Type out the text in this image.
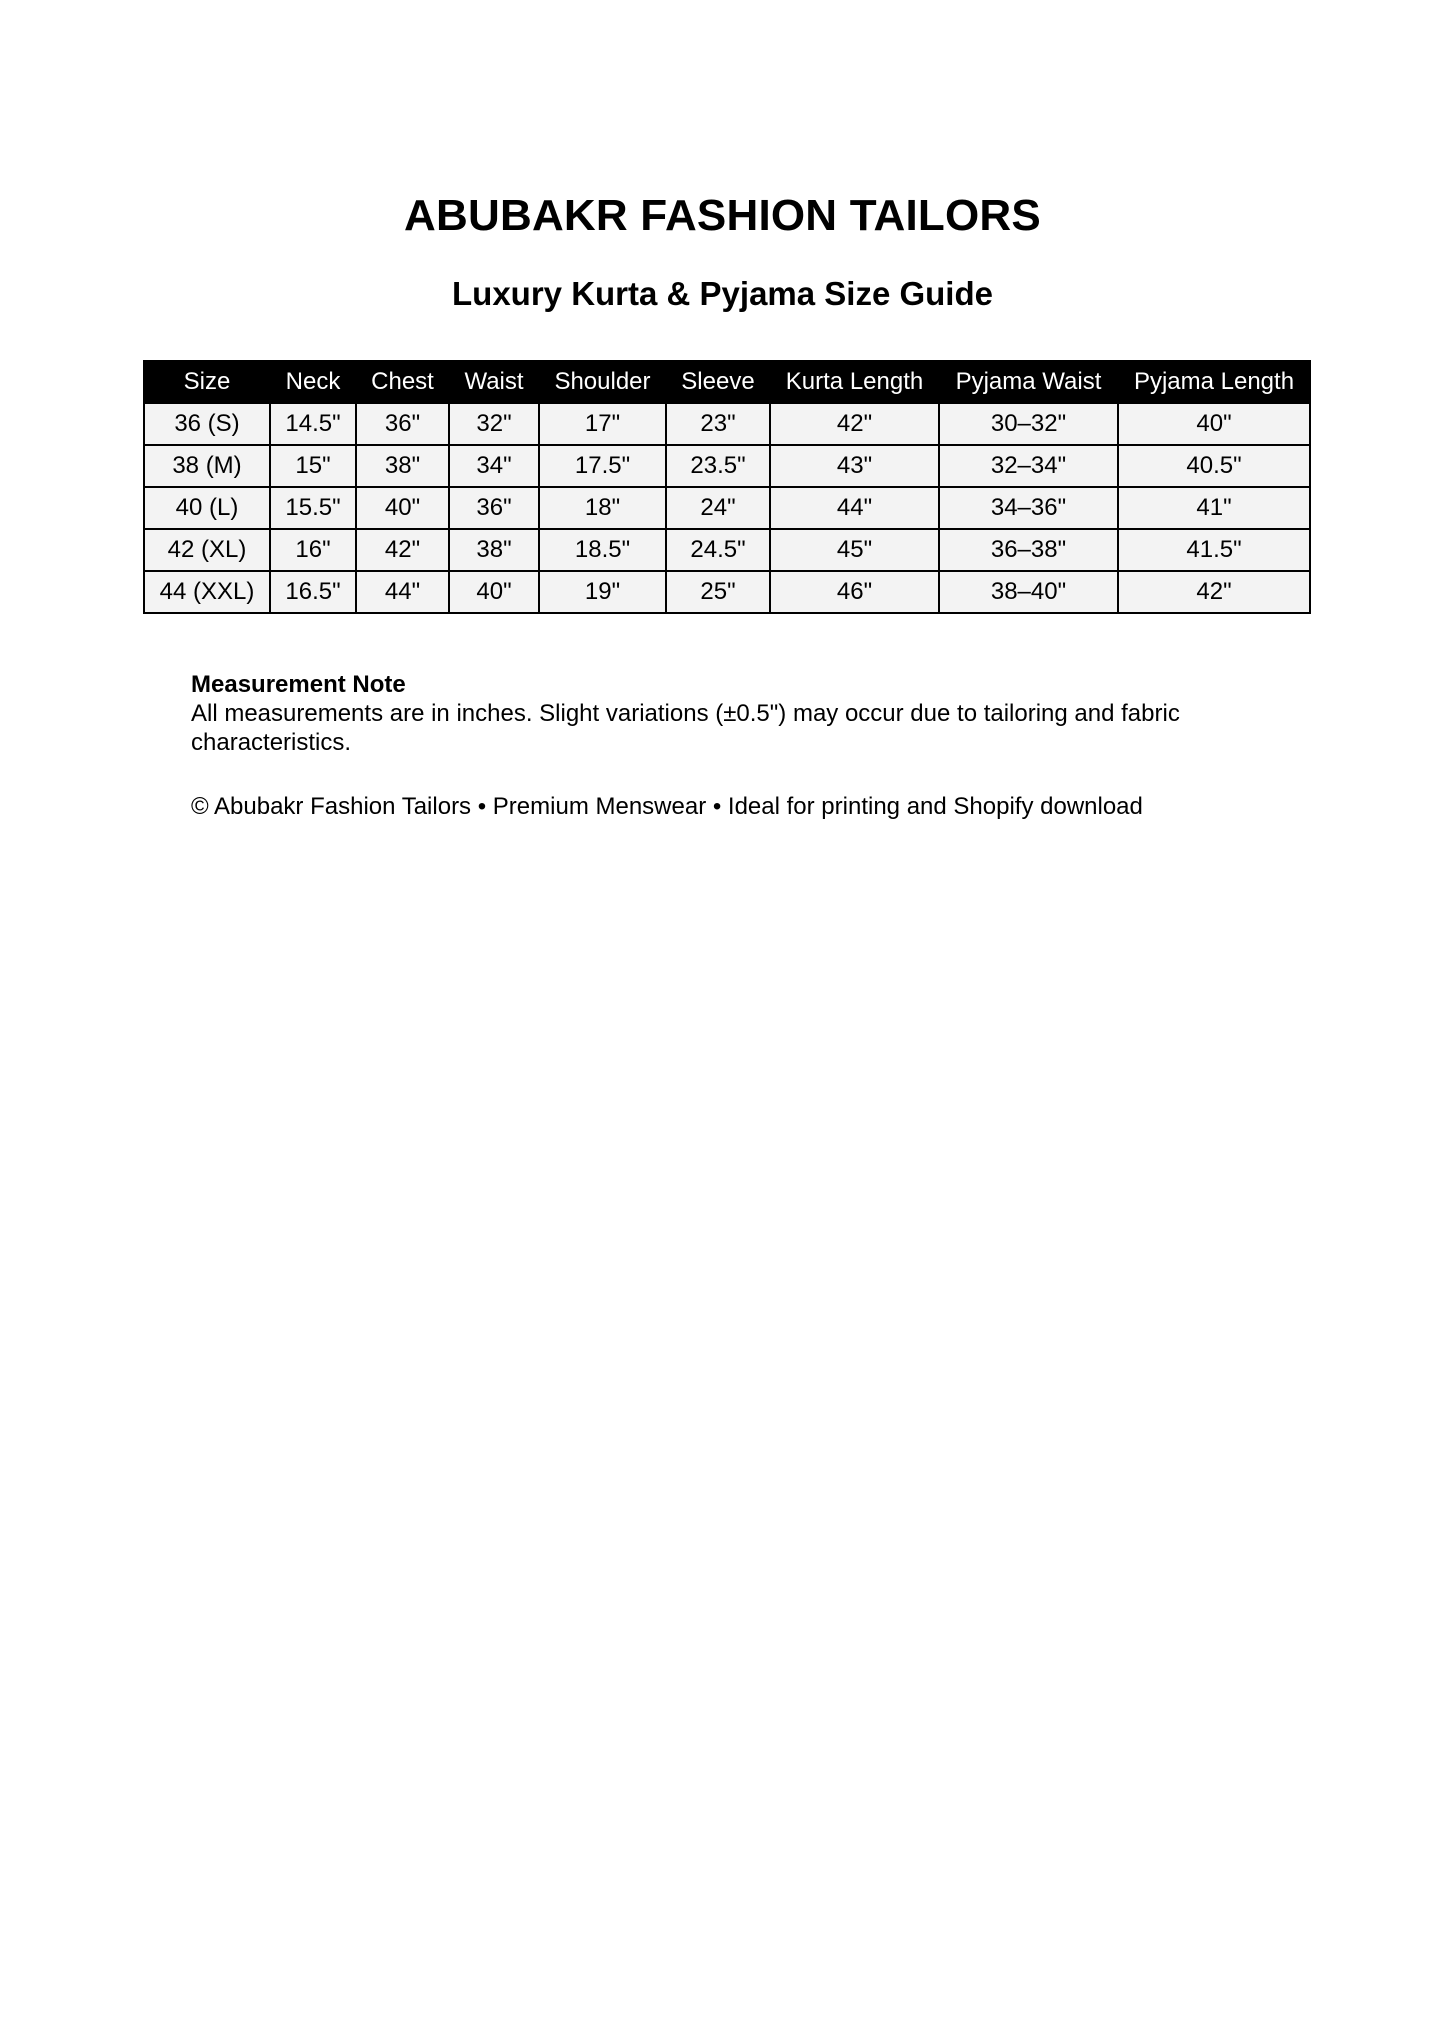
ABUBAKR FASHION TAILORS
Luxury Kurta & Pyjama Size Guide
Size	Neck	Chest	Waist	Shoulder	Sleeve	Kurta Length	Pyjama Waist	Pyjama Length
36 (S)	14.5"	36"	32"	17"	23"	42"	30–32"	40"
38 (M)	15"	38"	34"	17.5"	23.5"	43"	32–34"	40.5"
40 (L)	15.5"	40"	36"	18"	24"	44"	34–36"	41"
42 (XL)	16"	42"	38"	18.5"	24.5"	45"	36–38"	41.5"
44 (XXL)	16.5"	44"	40"	19"	25"	46"	38–40"	42"
Measurement Note
All measurements are in inches. Slight variations (±0.5") may occur due to tailoring and fabric characteristics.
© Abubakr Fashion Tailors • Premium Menswear • Ideal for printing and Shopify download
